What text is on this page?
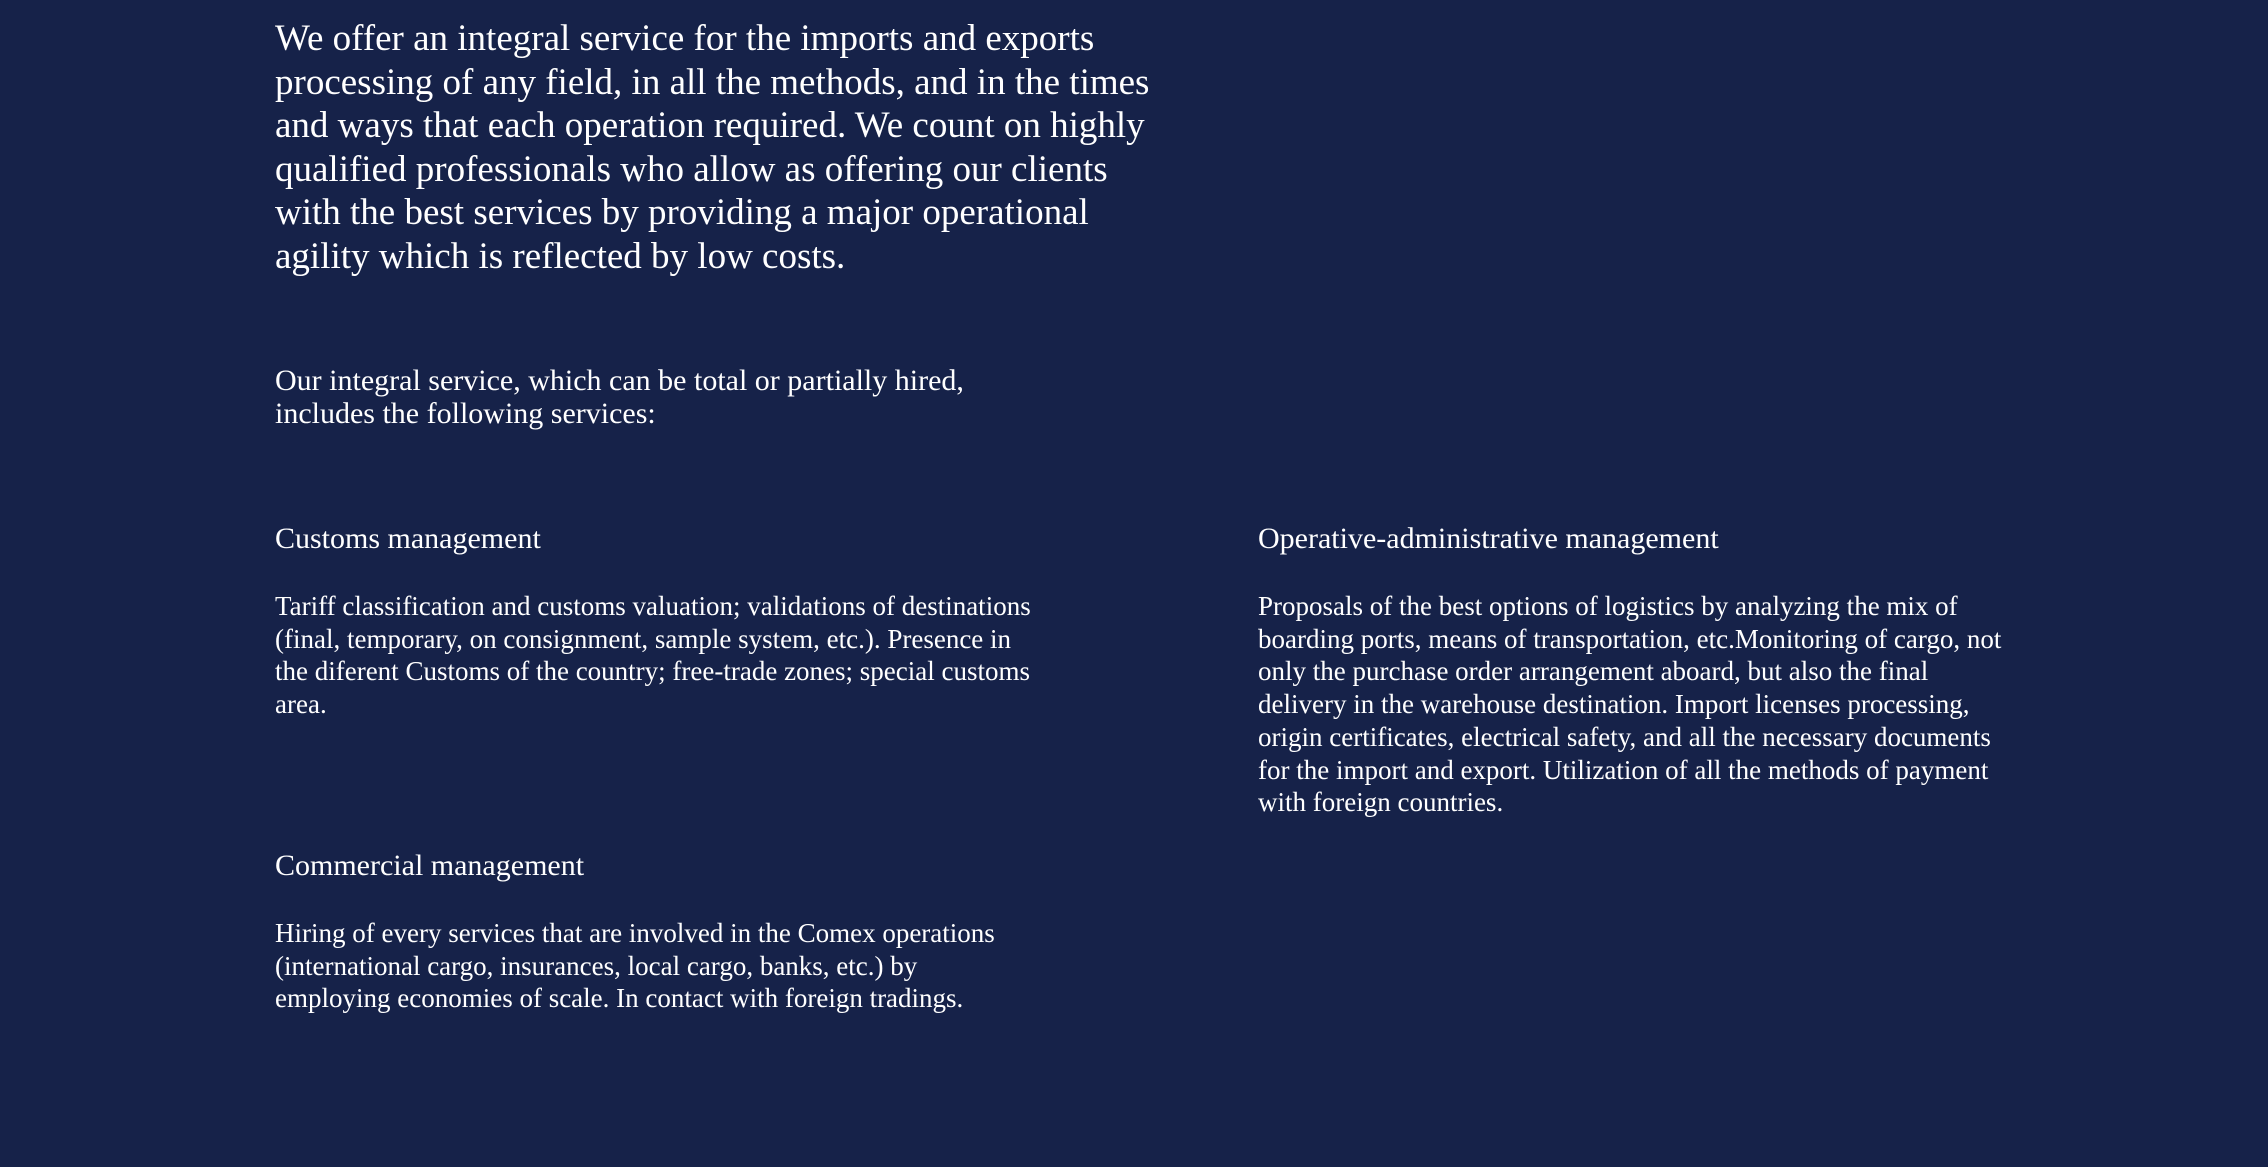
We offer an integral service for the imports and exports processing of any field, in all the methods, and in the times and ways that each operation required. We count on highly qualified professionals who allow as offering our clients with the best services by providing a major operational agility which is reflected by low costs.

Our integral service, which can be total or partially hired, includes the following services:

Customs management

Tariff classification and customs valuation; validations of destinations (final, temporary, on consignment, sample system, etc.). Presence in the diferent Customs of the country; free-trade zones; special customs area.

Operative-administrative management

Proposals of the best options of logistics by analyzing the mix of boarding ports, means of transportation, etc.Monitoring of cargo, not only the purchase order arrangement aboard, but also the final delivery in the warehouse destination. Import licenses processing, origin certificates, electrical safety, and all the necessary documents for the import and export. Utilization of all the methods of payment with foreign countries.

Commercial management

Hiring of every services that are involved in the Comex operations (international cargo, insurances, local cargo, banks, etc.) by employing economies of scale. In contact with foreign tradings.
